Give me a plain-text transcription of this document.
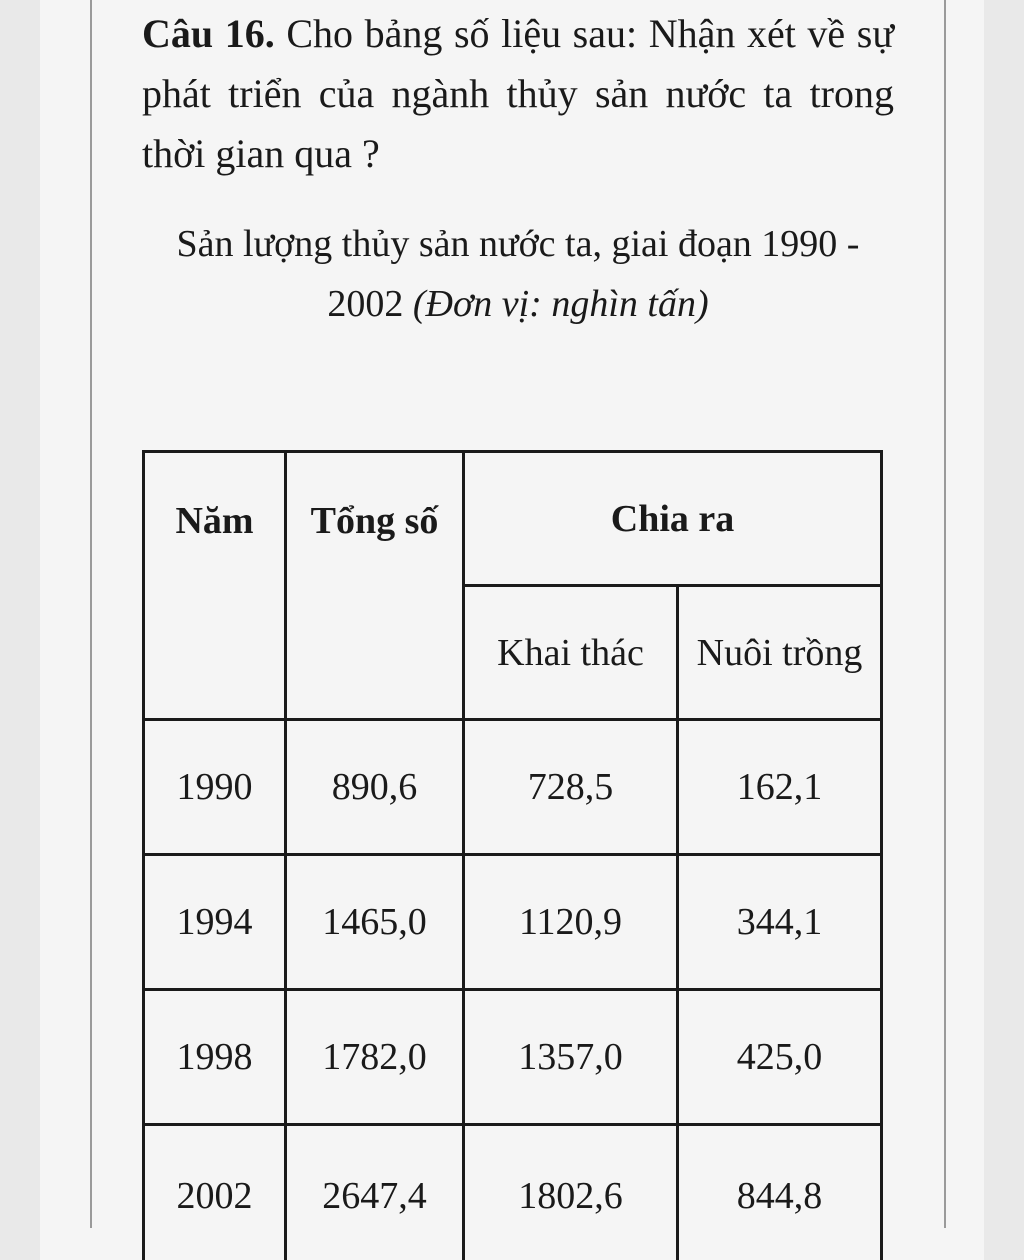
Câu 16. Cho bảng số liệu sau: Nhận xét về sự phát triển của ngành thủy sản nước ta trong thời gian qua ?
Sản lượng thủy sản nước ta, giai đoạn 1990 - 2002 (Đơn vị: nghìn tấn)
Năm	Tổng số	Chia ra	
		Khai thác	Nuôi trồng
1990	890,6	728,5	162,1
1994	1465,0	1120,9	344,1
1998	1782,0	1357,0	425,0
2002	2647,4	1802,6	844,8
